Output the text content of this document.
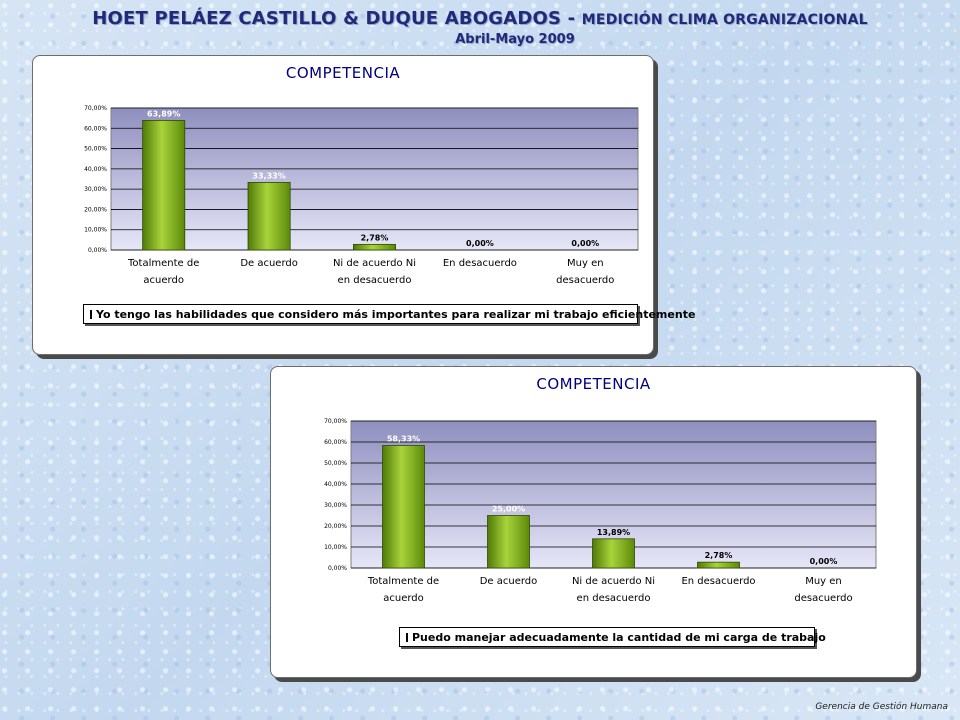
HOET PELÁEZ CASTILLO & DUQUE ABOGADOS - MEDICIÓN CLIMA ORGANIZACIONAL
Abril-Mayo 2009
COMPETENCIA
70,00%
60,00%
50,00%
40,00%
30,00%
20,00%
10,00%
0,00%
63,89%
Totalmente de
acuerdo
33,33%
De acuerdo
2,78%
Ni de acuerdo Ni
en desacuerdo
0,00%
En desacuerdo
0,00%
Muy en
desacuerdo
Yo tengo las habilidades que considero más importantes para realizar mi trabajo eficientemente
COMPETENCIA
70,00%
60,00%
50,00%
40,00%
30,00%
20,00%
10,00%
0,00%
58,33%
Totalmente de
acuerdo
25,00%
De acuerdo
13,89%
Ni de acuerdo Ni
en desacuerdo
2,78%
En desacuerdo
0,00%
Muy en
desacuerdo
Puedo manejar adecuadamente la cantidad de mi carga de trabajo
Gerencia de Gestión Humana
